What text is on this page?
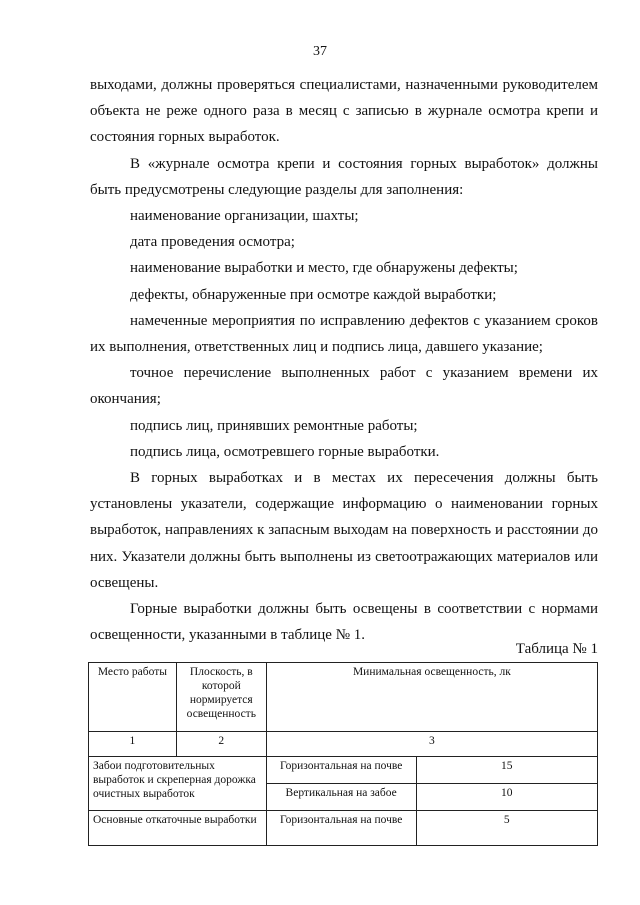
37

выходами, должны проверяться специалистами, назначенными руководителем объекта не реже одного раза в месяц с записью в журнале осмотра крепи и состояния горных выработок.

В «журнале осмотра крепи и состояния горных выработок» должны быть предусмотрены следующие разделы для заполнения:

наименование организации, шахты;

дата проведения осмотра;

наименование выработки и место, где обнаружены дефекты;

дефекты, обнаруженные при осмотре каждой выработки;

намеченные мероприятия по исправлению дефектов с указанием сроков их выполнения, ответственных лиц и подпись лица, давшего указание;

точное перечисление выполненных работ с указанием времени их окончания;

подпись лиц, принявших ремонтные работы;

подпись лица, осмотревшего горные выработки.

В горных выработках и в местах их пересечения должны быть установлены указатели, содержащие информацию о наименовании горных выработок, направлениях к запасным выходам на поверхность и расстоянии до них. Указатели должны быть выполнены из светоотражающих материалов или освещены.

Горные выработки должны быть освещены в соответствии с нормами освещенности, указанными в таблице № 1.

Таблица № 1
Место работы	Плоскость, в которой нормируется освещенность	Минимальная освещенность, лк	
1	2	3	
Забои подготовительных выработок и скреперная дорожка очистных выработок		Горизонтальная на почве	15
		Вертикальная на забое	10
Основные откаточные выработки		Горизонтальная на почве	5
